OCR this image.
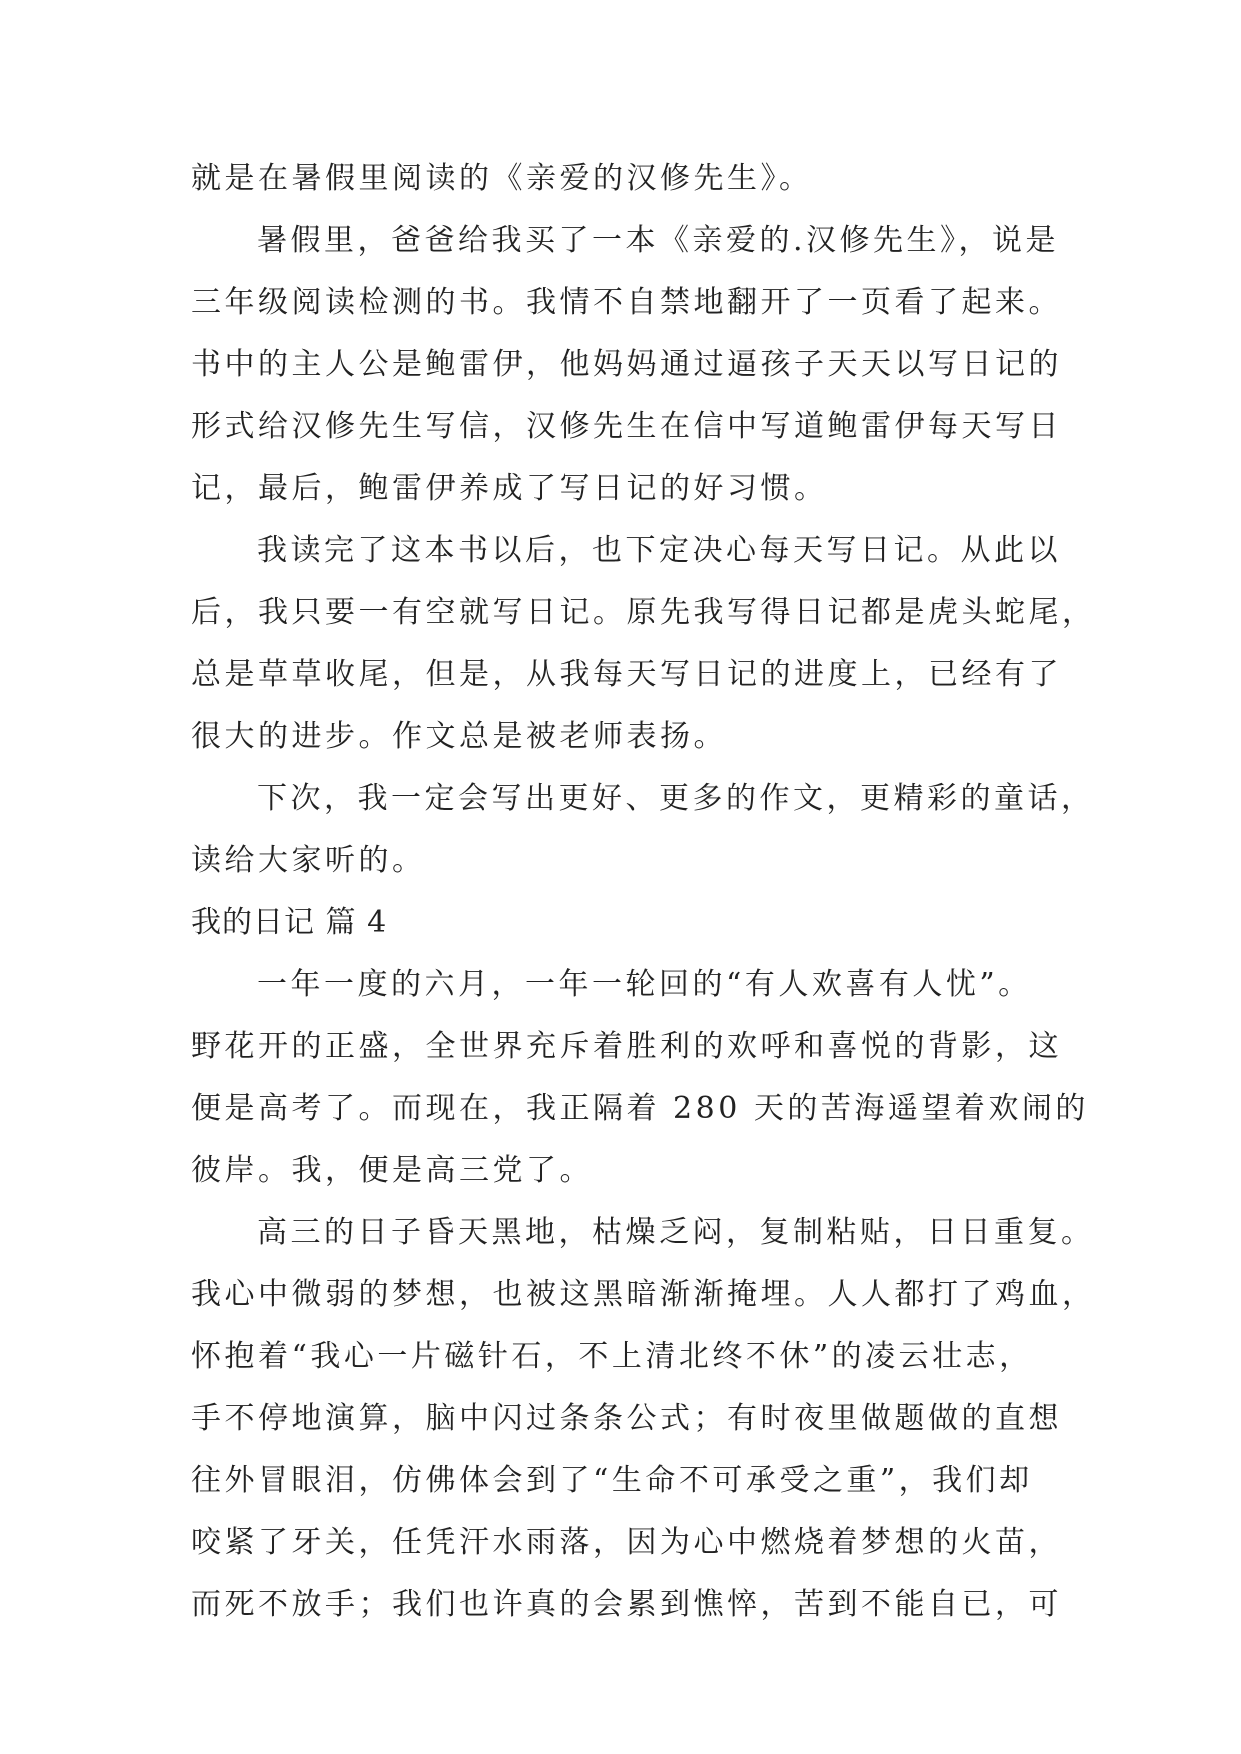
就是在暑假里阅读的《亲爱的汉修先生》。
暑假里，爸爸给我买了一本《亲爱的.汉修先生》，说是
三年级阅读检测的书。我情不自禁地翻开了一页看了起来。
书中的主人公是鲍雷伊，他妈妈通过逼孩子天天以写日记的
形式给汉修先生写信，汉修先生在信中写道鲍雷伊每天写日
记，最后，鲍雷伊养成了写日记的好习惯。
我读完了这本书以后，也下定决心每天写日记。从此以
后，我只要一有空就写日记。原先我写得日记都是虎头蛇尾，
总是草草收尾，但是，从我每天写日记的进度上，已经有了
很大的进步。作文总是被老师表扬。
下次，我一定会写出更好、更多的作文，更精彩的童话，
读给大家听的。
我的日记 篇 4
一年一度的六月，一年一轮回的“有人欢喜有人忧”。
野花开的正盛，全世界充斥着胜利的欢呼和喜悦的背影，这
便是高考了。而现在，我正隔着 280 天的苦海遥望着欢闹的
彼岸。我，便是高三党了。
高三的日子昏天黑地，枯燥乏闷，复制粘贴，日日重复。
我心中微弱的梦想，也被这黑暗渐渐掩埋。人人都打了鸡血，
怀抱着“我心一片磁针石，不上清北终不休”的凌云壮志，
手不停地演算，脑中闪过条条公式；有时夜里做题做的直想
往外冒眼泪，仿佛体会到了“生命不可承受之重”，我们却
咬紧了牙关，任凭汗水雨落，因为心中燃烧着梦想的火苗，
而死不放手；我们也许真的会累到憔悴，苦到不能自已，可
